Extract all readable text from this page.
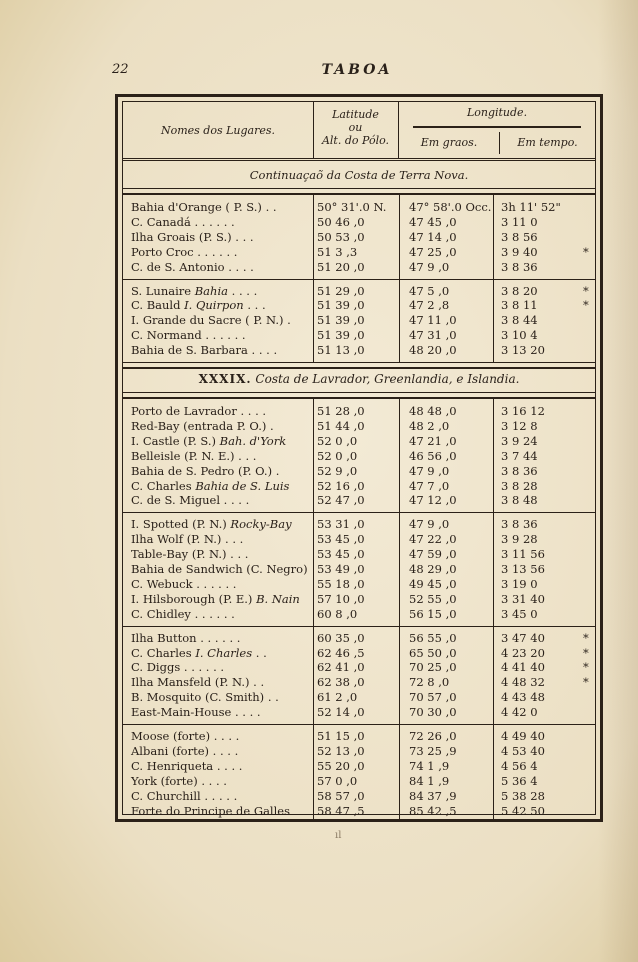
22	TABOA
Nomes dos Lugares.
Latitude
ou
Alt. do Pólo.
Longitude.
Em graos.	Em tempo.
Continuaçaõ da Costa de Terra Nova.
Bahia d'Orange ( P. S.) . .	50° 31'.0 N.	47° 58'.0 Occ. 3h 11' 52"
C. Canadá . . . . . .	50 46 ,0	47 45 ,0	3 11 0
Ilha Groais (P. S.) . . .	50 53 ,0	47 14 ,0	3 8 56
Porto Croc . . . . . .	51 3 ,3	47 25 ,0	3 9 40	*
C. de S. Antonio . . . .	51 20 ,0	47 9 ,0	3 8 36
S. Lunaire Bahia . . . .	51 29 ,0	47 5 ,0	3 8 20	*
C. Bauld I. Quirpon . . .	51 39 ,0	47 2 ,8	3 8 11	*
I. Grande du Sacre ( P. N.) . 51 39 ,0	47 11 ,0	3 8 44
C. Normand . . . . . .	51 39 ,0	47 31 ,0	3 10 4
Bahia de S. Barbara . . . .	51 13 ,0	48 20 ,0	3 13 20
XXXIX. Costa de Lavrador, Greenlandia, e Islandia.
Porto de Lavrador . . . .	51 28 ,0	48 48 ,0	3 16 12
Red-Bay (entrada P. O.) .	51 44 ,0	48 2 ,0	3 12 8
I. Castle (P. S.) Bah. d'York	52 0 ,0	47 21 ,0	3 9 24
Belleisle (P. N. E.) . . .	52 0 ,0	46 56 ,0	3 7 44
Bahia de S. Pedro (P. O.) .	52 9 ,0	47 9 ,0	3 8 36
C. Charles Bahia de S. Luis 52 16 ,0	47 7 ,0	3 8 28
C. de S. Miguel . . . .	52 47 ,0	47 12 ,0	3 8 48
I. Spotted (P. N.) Rocky-Bay 53 31 ,0	47 9 ,0	3 8 36
Ilha Wolf (P. N.) . . .	53 45 ,0	47 22 ,0	3 9 28
Table-Bay (P. N.) . . .	53 45 ,0	47 59 ,0	3 11 56
Bahia de Sandwich (C. Negro) 53 49 ,0	48 29 ,0	3 13 56
C. Webuck . . . . . .	55 18 ,0	49 45 ,0	3 19 0
I. Hilsborough (P. E.) B. Nain 57 10 ,0	52 55 ,0	3 31 40
C. Chidley . . . . . .	60 8 ,0	56 15 ,0	3 45 0
Ilha Button . . . . . .	60 35 ,0	56 55 ,0	3 47 40	*
C. Charles I. Charles . .	62 46 ,5	65 50 ,0	4 23 20	*
C. Diggs . . . . . .	62 41 ,0	70 25 ,0	4 41 40	*
Ilha Mansfeld (P. N.) . .	62 38 ,0	72 8 ,0	4 48 32	*
B. Mosquito (C. Smith) . .	61 2 ,0	70 57 ,0	4 43 48
East-Main-House . . . .	52 14 ,0	70 30 ,0	4 42 0
Moose (forte) . . . .	51 15 ,0	72 26 ,0	4 49 40
Albani (forte) . . . .	52 13 ,0	73 25 ,9	4 53 40
C. Henriqueta . . . .	55 20 ,0	74 1 ,9	4 56 4
York (forte) . . . .	57 0 ,0	84 1 ,9	5 36 4
C. Churchill . . . . .	58 57 ,0	84 37 ,9	5 38 28
Forte do Principe de Galles 58 47 ,5	85 42 ,5	5 42 50
ıl
